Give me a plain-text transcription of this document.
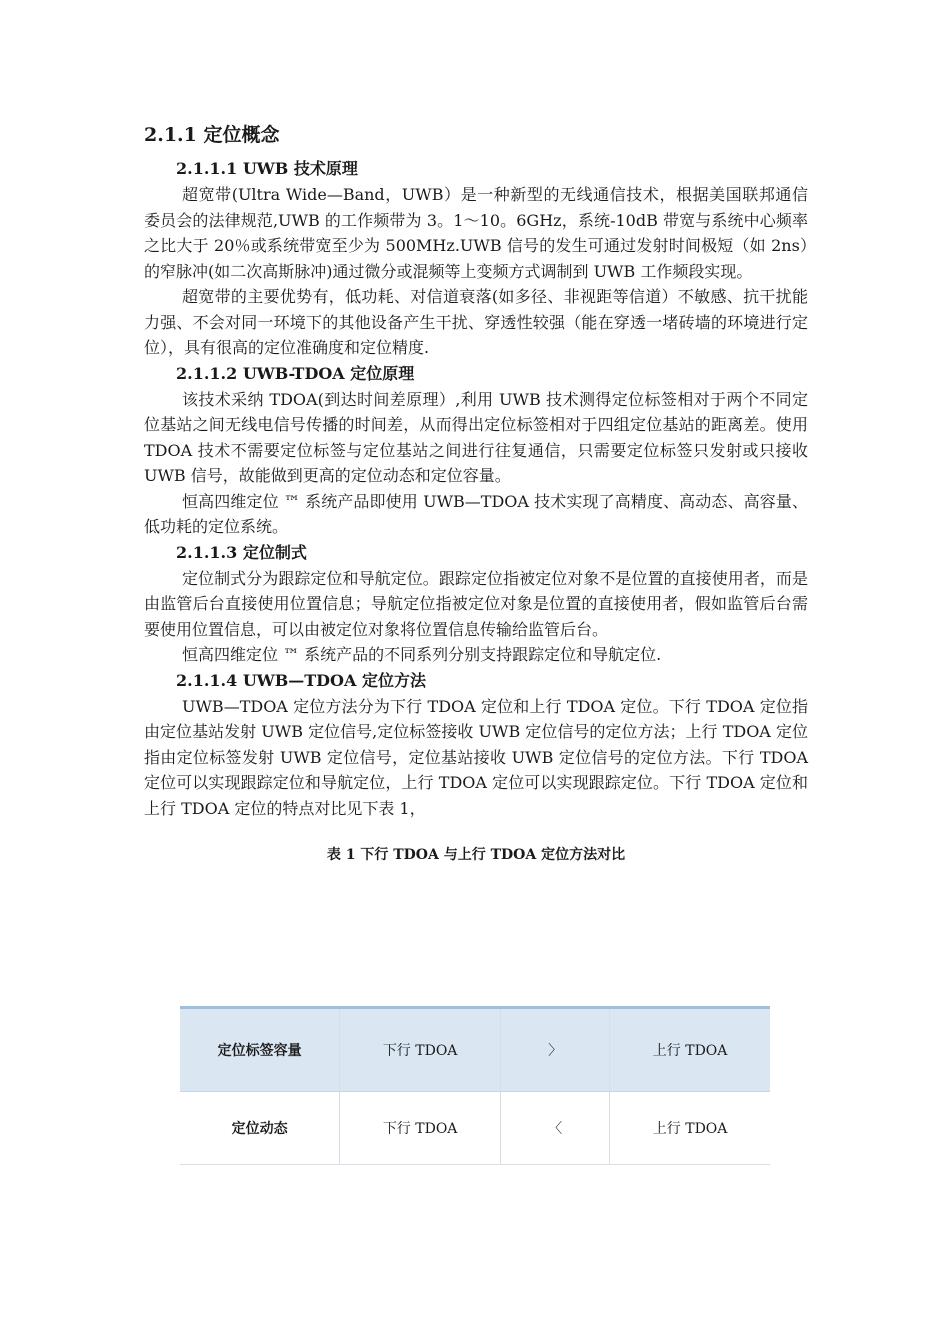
2.1.1 定位概念
2.1.1.1 UWB 技术原理

超宽带(Ultra Wide—Band，UWB）是一种新型的无线通信技术，根据美国联邦通信委员会的法律规范,UWB 的工作频带为 3。1～10。6GHz，系统-10dB 带宽与系统中心频率之比大于 20％或系统带宽至少为 500MHz.UWB 信号的发生可通过发射时间极短（如 2ns）的窄脉冲(如二次高斯脉冲)通过微分或混频等上变频方式调制到 UWB 工作频段实现。

超宽带的主要优势有，低功耗、对信道衰落(如多径、非视距等信道）不敏感、抗干扰能力强、不会对同一环境下的其他设备产生干扰、穿透性较强（能在穿透一堵砖墙的环境进行定位），具有很高的定位准确度和定位精度.

2.1.1.2 UWB-TDOA 定位原理

该技术采纳 TDOA(到达时间差原理）,利用 UWB 技术测得定位标签相对于两个不同定位基站之间无线电信号传播的时间差，从而得出定位标签相对于四组定位基站的距离差。使用 TDOA 技术不需要定位标签与定位基站之间进行往复通信，只需要定位标签只发射或只接收 UWB 信号，故能做到更高的定位动态和定位容量。

恒高四维定位 ™ 系统产品即使用 UWB—TDOA 技术实现了高精度、高动态、高容量、低功耗的定位系统。

2.1.1.3 定位制式

定位制式分为跟踪定位和导航定位。跟踪定位指被定位对象不是位置的直接使用者，而是由监管后台直接使用位置信息；导航定位指被定位对象是位置的直接使用者，假如监管后台需要使用位置信息，可以由被定位对象将位置信息传输给监管后台。

恒高四维定位 ™ 系统产品的不同系列分别支持跟踪定位和导航定位.

2.1.1.4 UWB—TDOA 定位方法

UWB—TDOA 定位方法分为下行 TDOA 定位和上行 TDOA 定位。下行 TDOA 定位指由定位基站发射 UWB 定位信号,定位标签接收 UWB 定位信号的定位方法；上行 TDOA 定位指由定位标签发射 UWB 定位信号，定位基站接收 UWB 定位信号的定位方法。下行 TDOA 定位可以实现跟踪定位和导航定位，上行 TDOA 定位可以实现跟踪定位。下行 TDOA 定位和上行 TDOA 定位的特点对比见下表 1，

表 1 下行 TDOA 与上行 TDOA 定位方法对比
定位标签容量	下行 TDOA	〉	上行 TDOA
定位动态	下行 TDOA	〈	上行 TDOA
